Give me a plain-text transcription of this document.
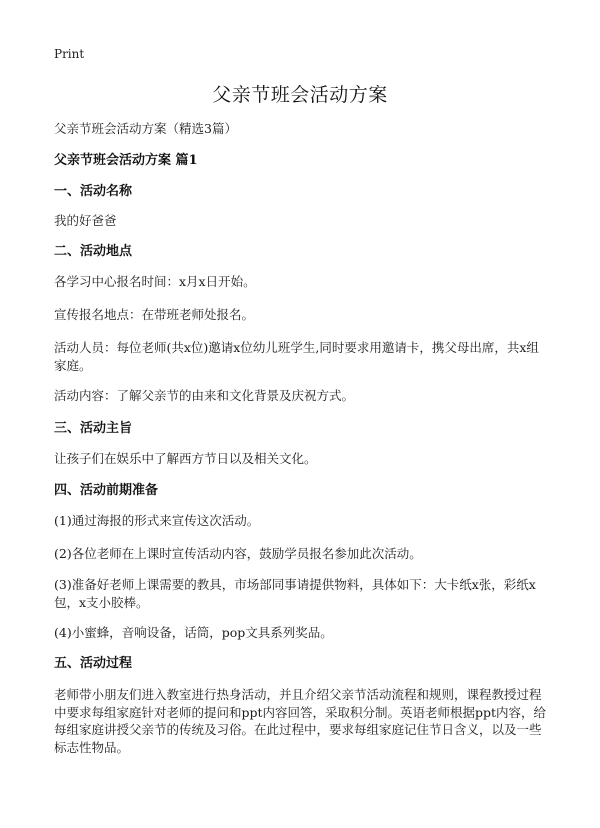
Print
父亲节班会活动方案
父亲节班会活动方案（精选3篇）
父亲节班会活动方案 篇1
一、活动名称
我的好爸爸
二、活动地点
各学习中心报名时间：x月x日开始。
宣传报名地点：在带班老师处报名。
活动人员：每位老师(共x位)邀请x位幼儿班学生,同时要求用邀请卡，携父母出席，共x组家庭。
活动内容：了解父亲节的由来和文化背景及庆祝方式。
三、活动主旨
让孩子们在娱乐中了解西方节日以及相关文化。
四、活动前期准备
(1)通过海报的形式来宣传这次活动。
(2)各位老师在上课时宣传活动内容，鼓励学员报名参加此次活动。
(3)准备好老师上课需要的教具，市场部同事请提供物料，具体如下：大卡纸x张，彩纸x包，x支小胶棒。
(4)小蜜蜂，音响设备，话筒，pop文具系列奖品。
五、活动过程
老师带小朋友们进入教室进行热身活动，并且介绍父亲节活动流程和规则，课程教授过程中要求每组家庭针对老师的提问和ppt内容回答，采取积分制。英语老师根据ppt内容，给每组家庭讲授父亲节的传统及习俗。在此过程中，要求每组家庭记住节日含义，以及一些标志性物品。
